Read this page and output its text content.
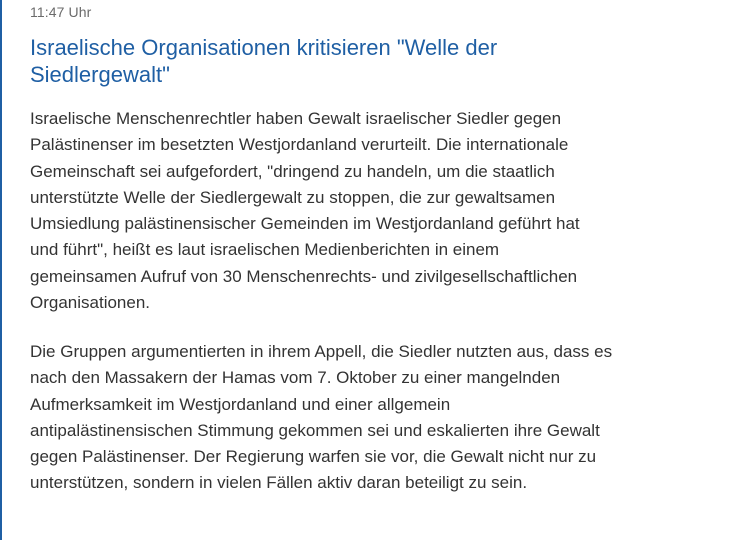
11:47 Uhr
Israelische Organisationen kritisieren "Welle der
Siedlergewalt"

Israelische Menschenrechtler haben Gewalt israelischer Siedler gegen
Palästinenser im besetzten Westjordanland verurteilt. Die internationale
Gemeinschaft sei aufgefordert, "dringend zu handeln, um die staatlich
unterstützte Welle der Siedlergewalt zu stoppen, die zur gewaltsamen
Umsiedlung palästinensischer Gemeinden im Westjordanland geführt hat
und führt", heißt es laut israelischen Medienberichten in einem
gemeinsamen Aufruf von 30 Menschenrechts- und zivilgesellschaftlichen
Organisationen.

Die Gruppen argumentierten in ihrem Appell, die Siedler nutzten aus, dass es
nach den Massakern der Hamas vom 7. Oktober zu einer mangelnden
Aufmerksamkeit im Westjordanland und einer allgemein
antipalästinensischen Stimmung gekommen sei und eskalierten ihre Gewalt
gegen Palästinenser. Der Regierung warfen sie vor, die Gewalt nicht nur zu
unterstützen, sondern in vielen Fällen aktiv daran beteiligt zu sein.
